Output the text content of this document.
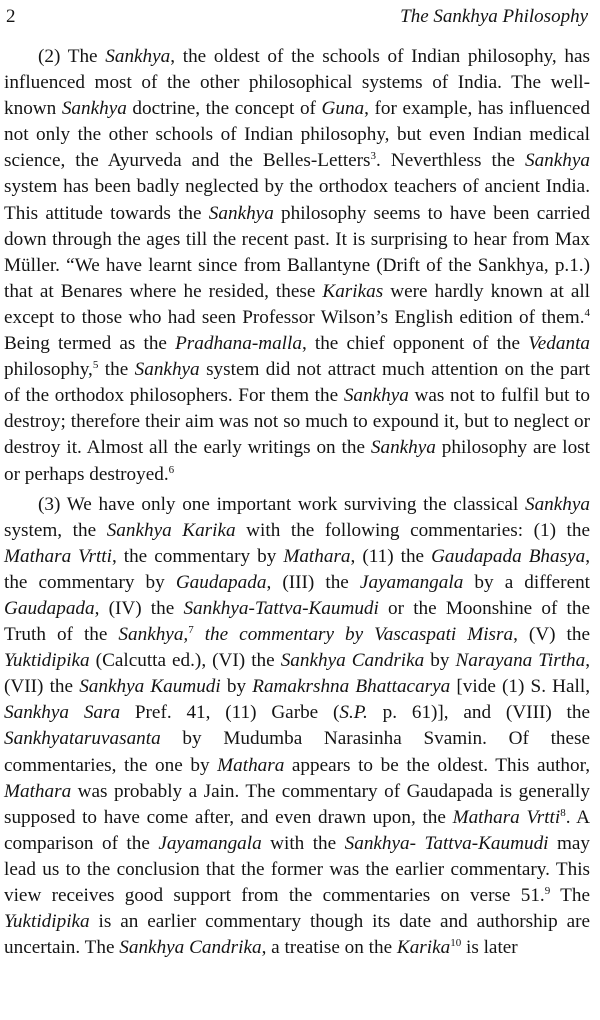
2	The Sankhya Philosophy

(2) The Sankhya, the oldest of the schools of Indian philosophy, has influenced most of the other philosophical systems of India. The well-known Sankhya doctrine, the concept of Guna, for example, has influenced not only the other schools of Indian philosophy, but even Indian medical science, the Ayurveda and the Belles-Letters$^3$. Neverthless the Sankhya system has been badly neglected by the orthodox teachers of ancient India. This attitude towards the Sankhya philosophy seems to have been carried down through the ages till the recent past. It is surprising to hear from Max Müller. “We have learnt since from Ballantyne (Drift of the Sankhya, p.1.) that at Benares where he resided, these Karikas were hardly known at all except to those who had seen Professor Wilson’s English edition of them.$^4$ Being termed as the Pradhana-malla, the chief opponent of the Vedanta philosophy,$^5$ the Sankhya system did not attract much attention on the part of the orthodox philosophers. For them the Sankhya was not to fulfil but to destroy; therefore their aim was not so much to expound it, but to neglect or destroy it. Almost all the early writings on the Sankhya philosophy are lost or perhaps destroyed.$^6$

(3) We have only one important work surviving the classical Sankhya system, the Sankhya Karika with the following commentaries: (1) the Mathara Vrtti, the commentary by Mathara, (11) the Gaudapada Bhasya, the commentary by Gaudapada, (III) the Jayamangala by a different Gaudapada, (IV) the Sankhya-Tattva-Kaumudi or the Moonshine of the Truth of the Sankhya,$^7$ the commentary by Vascaspati Misra, (V) the Yuktidipika (Calcutta ed.), (VI) the Sankhya Candrika by Narayana Tirtha, (VII) the Sankhya Kaumudi by Ramakrshna Bhattacarya [vide (1) S. Hall, Sankhya Sara Pref. 41, (11) Garbe (S.P. p. 61)], and (VIII) the Sankhyataruvasanta by Mudumba Narasinha Svamin. Of these commentaries, the one by Mathara appears to be the oldest. This author, Mathara was probably a Jain. The commentary of Gaudapada is generally supposed to have come after, and even drawn upon, the Mathara Vrtti$^8$. A comparison of the Jayamangala with the Sankhya- Tattva-Kaumudi may lead us to the conclusion that the former was the earlier commentary. This view receives good support from the commentaries on verse 51.$^9$ The Yuktidipika is an earlier commentary though its date and authorship are uncertain. The Sankhya Candrika, a treatise on the Karika$^{10}$ is later
